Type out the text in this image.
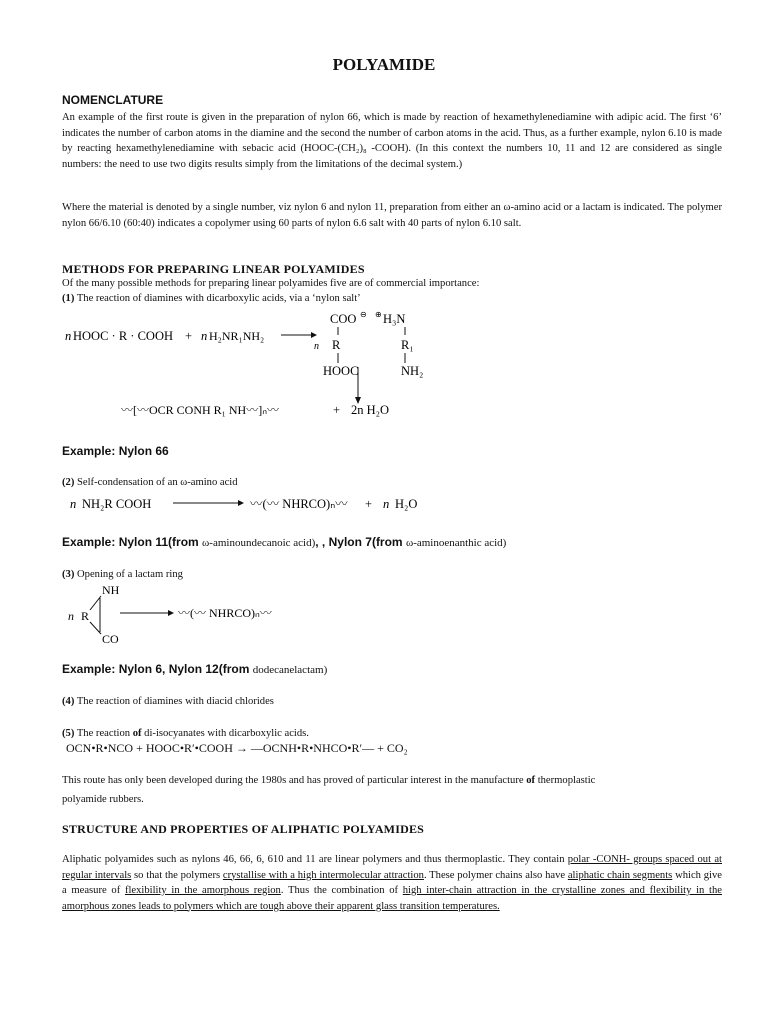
POLYAMIDE
NOMENCLATURE
An example of the first route is given in the preparation of nylon 66, which is made by reaction of hexamethylenediamine with adipic acid. The first ‘6’ indicates the number of carbon atoms in the diamine and the second the number of carbon atoms in the acid. Thus, as a further example, nylon 6.10 is made by reacting hexamethylenediamine with sebacic acid (HOOC-(CH₂)₈ -COOH). (In this context the numbers 10, 11 and 12 are considered as single numbers: the need to use two digits results simply from the limitations of the decimal system.)
Where the material is denoted by a single number, viz nylon 6 and nylon 11, preparation from either an ω-amino acid or a lactam is indicated. The polymer nylon 66/6.10 (60:40) indicates a copolymer using 60 parts of nylon 6.6 salt with 40 parts of nylon 6.10 salt.
METHODS FOR PREPARING LINEAR POLYAMIDES
Of the many possible methods for preparing linear polyamides five are of commercial importance:
(1) The reaction of diamines with dicarboxylic acids, via a ‘nylon salt’
n HOOC · R · COOH + n H₂NR₁NH₂
COO ⊖ ⊕ H₃N
n R	R₁
HOOC	NH₂
〰[〰OCR CONH R₁ NH〰]ₙ〰	+ 2n H₂O
Example: Nylon 66
(2) Self-condensation of an ω-amino acid
n NH₂R COOH	〰(〰 NHRCO)ₙ〰 + n H₂O
Example: Nylon 11(from ω-aminoundecanoic acid), , Nylon 7(from ω-aminoenanthic acid)
(3) Opening of a lactam ring
NH
n R
CO
〰(〰 NHRCO)ₙ〰
Example: Nylon 6, Nylon 12(from dodecanelactam)
(4) The reaction of diamines with diacid chlorides
(5) The reaction of di-isocyanates with dicarboxylic acids.
OCN•R•NCO + HOOC•R′•COOH → —OCNH•R•NHCO•R′— + CO₂
This route has only been developed during the 1980s and has proved of particular interest in the manufacture of thermoplastic
polyamide rubbers.
STRUCTURE AND PROPERTIES OF ALIPHATIC POLYAMIDES
Aliphatic polyamides such as nylons 46, 66, 6, 610 and 11 are linear polymers and thus thermoplastic. They contain polar -CONH- groups spaced out at regular intervals so that the polymers crystallise with a high intermolecular attraction. These polymer chains also have aliphatic chain segments which give a measure of flexibility in the amorphous region. Thus the combination of high inter-chain attraction in the crystalline zones and flexibility in the amorphous zones leads to polymers which are tough above their apparent glass transition temperatures.
